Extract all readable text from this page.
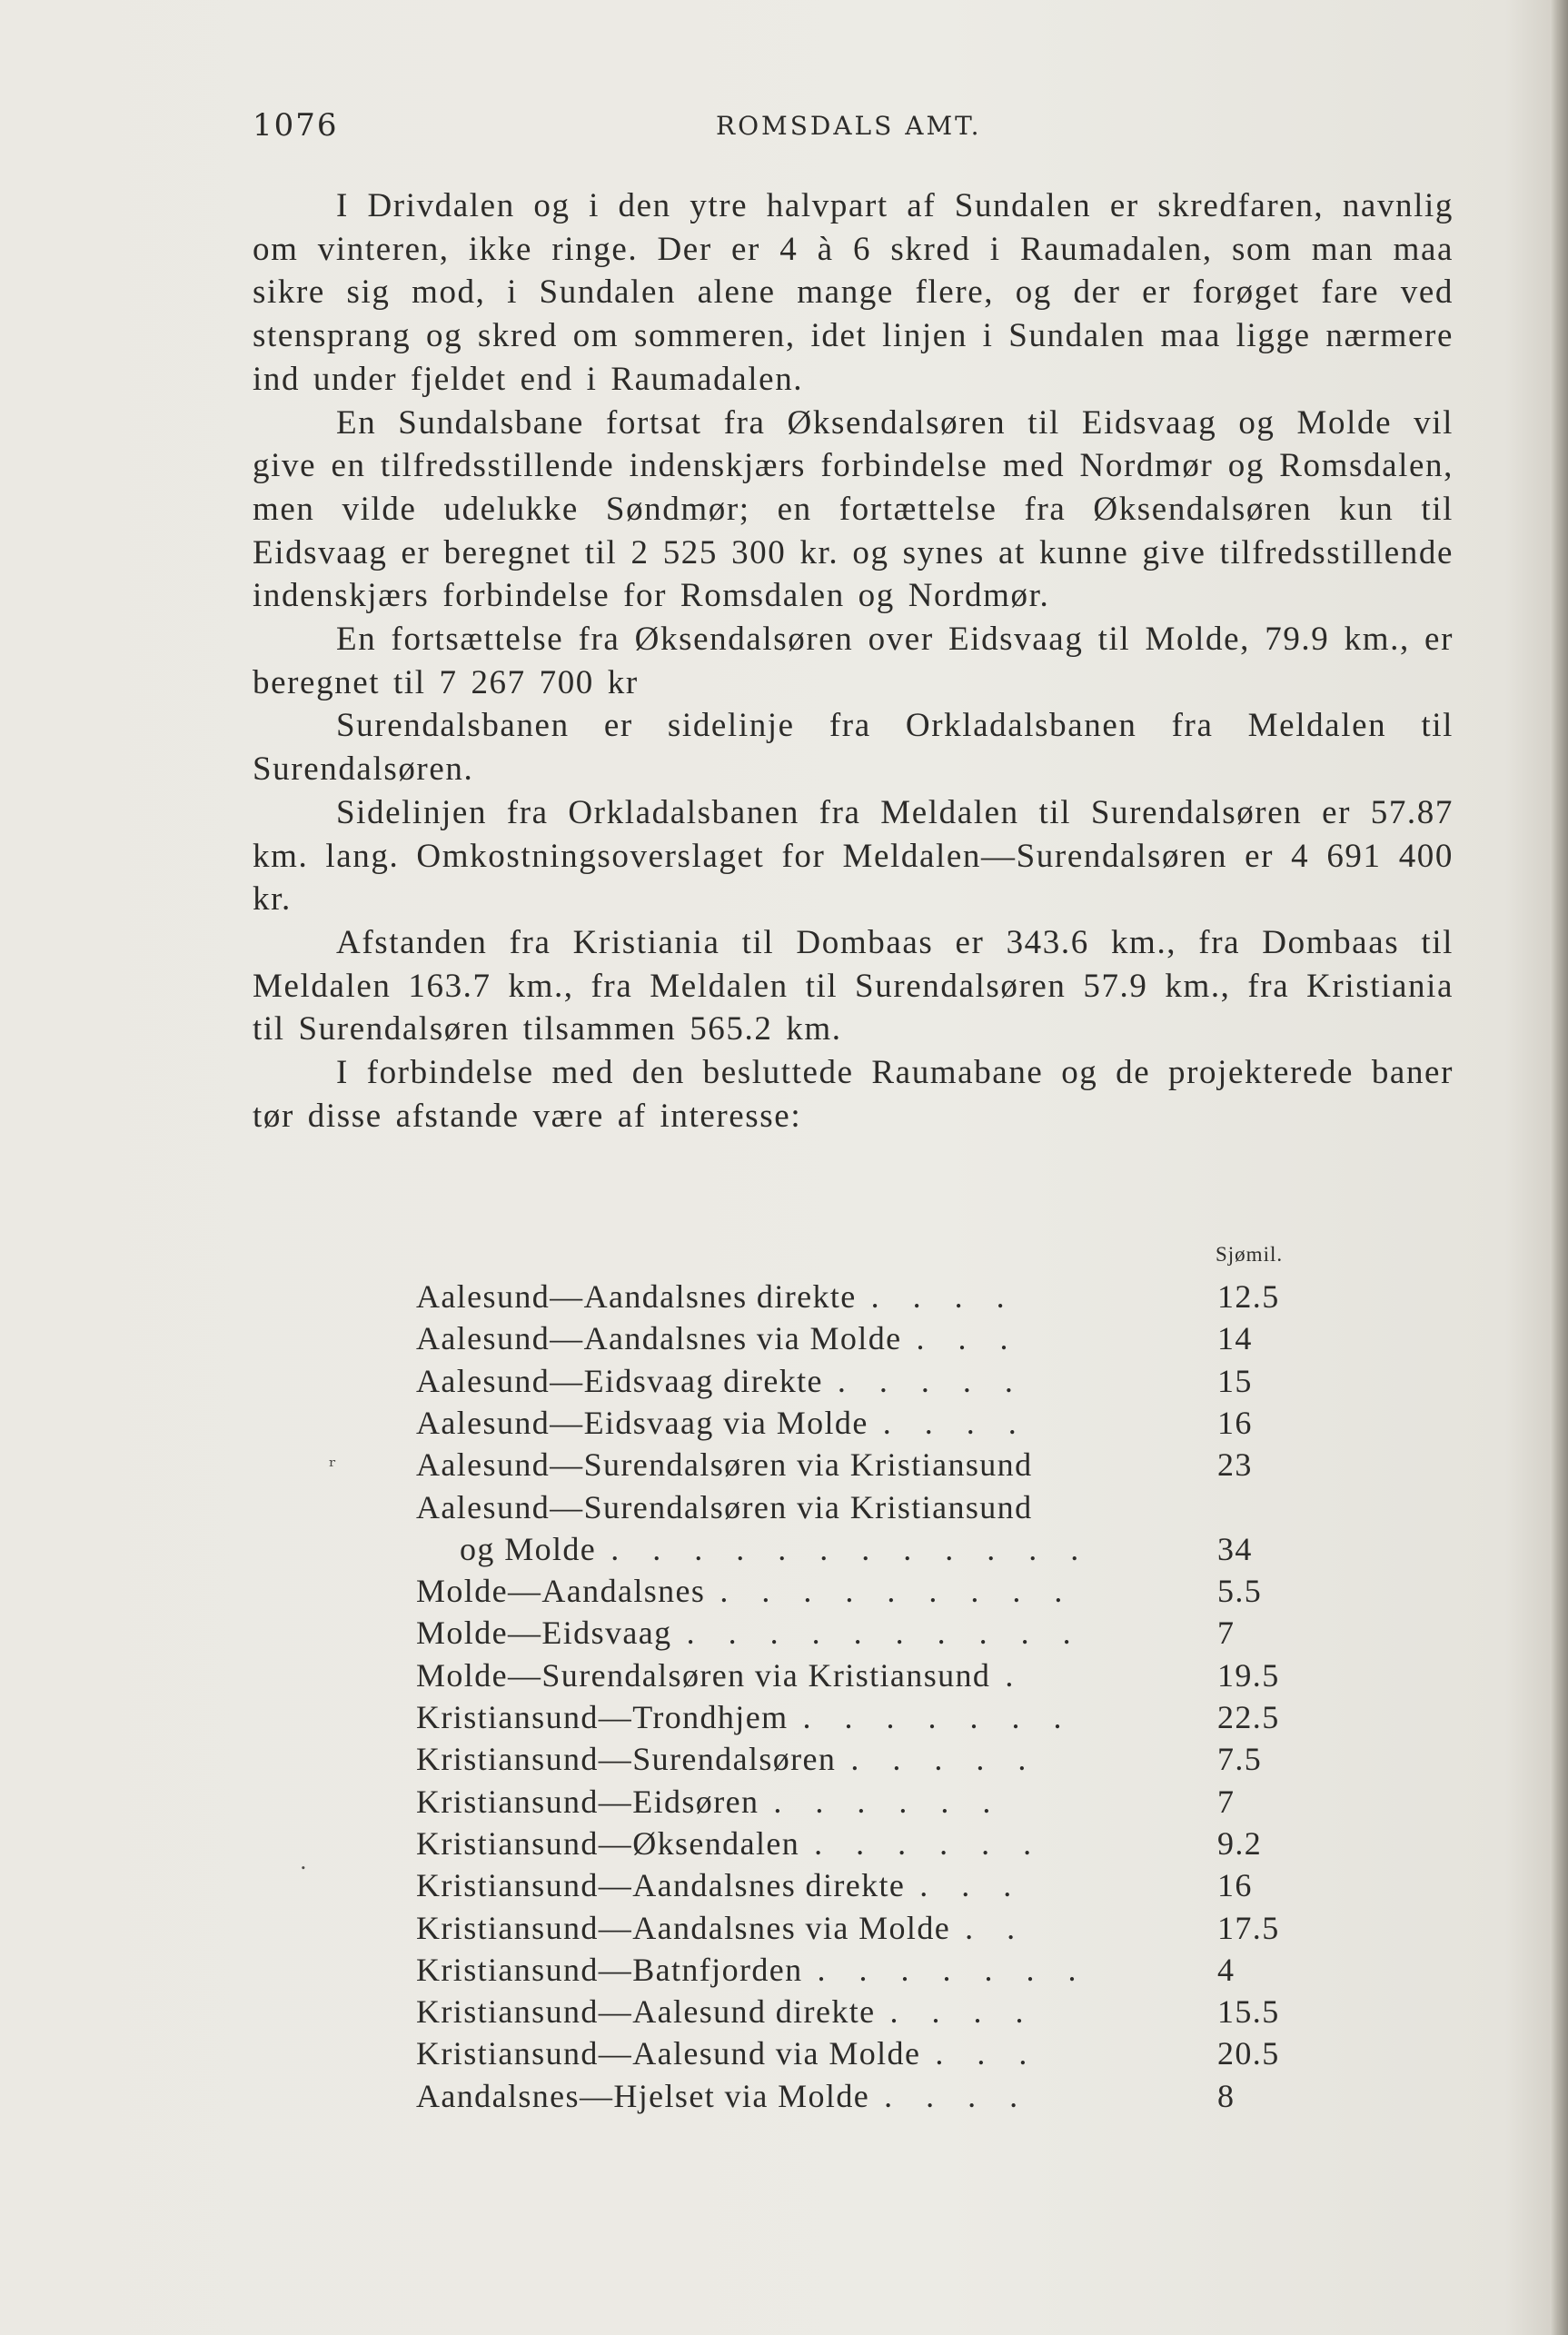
1076	ROMSDALS AMT.

I Drivdalen og i den ytre halvpart af Sundalen er skredfaren, navnlig om vinteren, ikke ringe. Der er 4 à 6 skred i Raumadalen, som man maa sikre sig mod, i Sundalen alene mange flere, og der er forøget fare ved stensprang og skred om sommeren, idet linjen i Sundalen maa ligge nærmere ind under fjeldet end i Raumadalen.

En Sundalsbane fortsat fra Øksendalsøren til Eidsvaag og Molde vil give en tilfredsstillende indenskjærs forbindelse med Nordmør og Romsdalen, men vilde udelukke Søndmør; en fortættelse fra Øksendalsøren kun til Eidsvaag er beregnet til 2 525 300 kr. og synes at kunne give tilfredsstillende indenskjærs forbindelse for Romsdalen og Nordmør.

En fortsættelse fra Øksendalsøren over Eidsvaag til Molde, 79.9 km., er beregnet til 7 267 700 kr

Surendalsbanen er sidelinje fra Orkladalsbanen fra Meldalen til Surendalsøren.

Sidelinjen fra Orkladalsbanen fra Meldalen til Surendalsøren er 57.87 km. lang. Omkostningsoverslaget for Meldalen—Surendalsøren er 4 691 400 kr.

Afstanden fra Kristiania til Dombaas er 343.6 km., fra Dombaas til Meldalen 163.7 km., fra Meldalen til Surendalsøren 57.9 km., fra Kristiania til Surendalsøren tilsammen 565.2 km.

I forbindelse med den besluttede Raumabane og de projekterede baner tør disse afstande være af interesse:

Sjømil.
Aalesund—Aandalsnes direkte . . . .	12.5
Aalesund—Aandalsnes via Molde . . .	14
Aalesund—Eidsvaag direkte . . . . .	15
Aalesund—Eidsvaag via Molde . . . .	16
Aalesund—Surendalsøren via Kristiansund	23
Aalesund—Surendalsøren via Kristiansund
og Molde . . . . . . . . . . . .	34
Molde—Aandalsnes . . . . . . . . .	5.5
Molde—Eidsvaag . . . . . . . . . .	7
Molde—Surendalsøren via Kristiansund .	19.5
Kristiansund—Trondhjem . . . . . . .	22.5
Kristiansund—Surendalsøren . . . . .	7.5
Kristiansund—Eidsøren . . . . . .	7
Kristiansund—Øksendalen . . . . . .	9.2
Kristiansund—Aandalsnes direkte . . .	16
Kristiansund—Aandalsnes via Molde . .	17.5
Kristiansund—Batnfjorden . . . . . . .	4
Kristiansund—Aalesund direkte . . . .	15.5
Kristiansund—Aalesund via Molde . . .	20.5
Aandalsnes—Hjelset via Molde . . . .	8
ʳ
.
